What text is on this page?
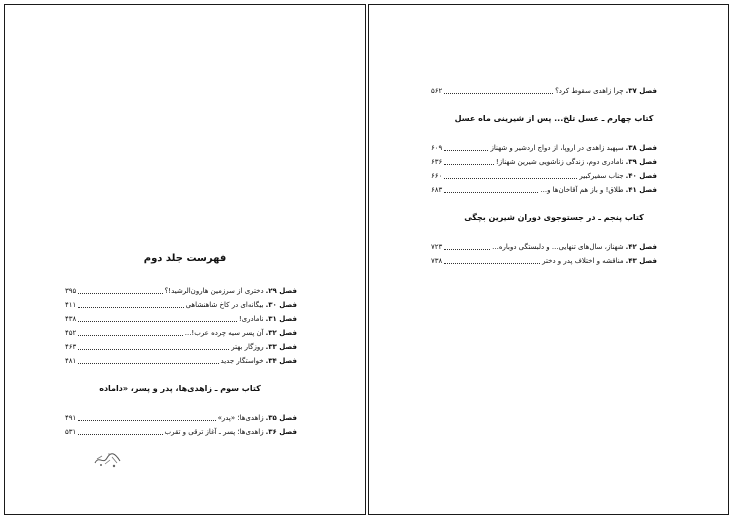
فهرست جلد دوم
فصل ۲۹.دختری از سرزمین هارون‌الرشید!؟
۳۹۵
فصل ۳۰.بیگانه‌ای در کاخ شاهنشاهی
۴۱۱
فصل ۳۱.نامادری!
۴۳۸
فصل ۳۲.آن پسر سیه چرده عرب!...
۴۵۲
فصل ۳۳.روزگار بهتر
۴۶۳
فصل ۳۴.خواستگار جدید
۴۸۱
کتاب سوم ـ زاهدی‌ها، پدر و پسر، «داماده
فصل ۳۵.زاهدی‌ها؛ «پدر»
۴۹۱
فصل ۳۶.زاهدی‌ها؛ پسر ـ آغاز ترقی و تقرب
۵۳۱
فصل ۳۷.چرا زاهدی سقوط کرد؟
۵۶۲
کتاب چهارم ـ عسل تلخ... پس از شیرینی ماه عسل
فصل ۳۸.سپهبد زاهدی در اروپا، از دواج اردشیر و شهناز
۶۰۹
فصل ۳۹.نامادری دوم، زندگی زناشویی شیرین شهناز!
۶۳۶
فصل ۴۰.جناب سفیرکبیر
۶۶۰
فصل ۴۱.طلاق! و باز هم آقاخان‌ها و...
۶۸۳
کتاب پنجم ـ در جستوجوی دوران شیرین بچگی
فصل ۴۲.شهناز، سال‌های تنهایی... و دلبستگی دوباره...
۷۲۳
فصل ۴۳.مناقشه و اختلاف پدر و دختر
۷۳۸
